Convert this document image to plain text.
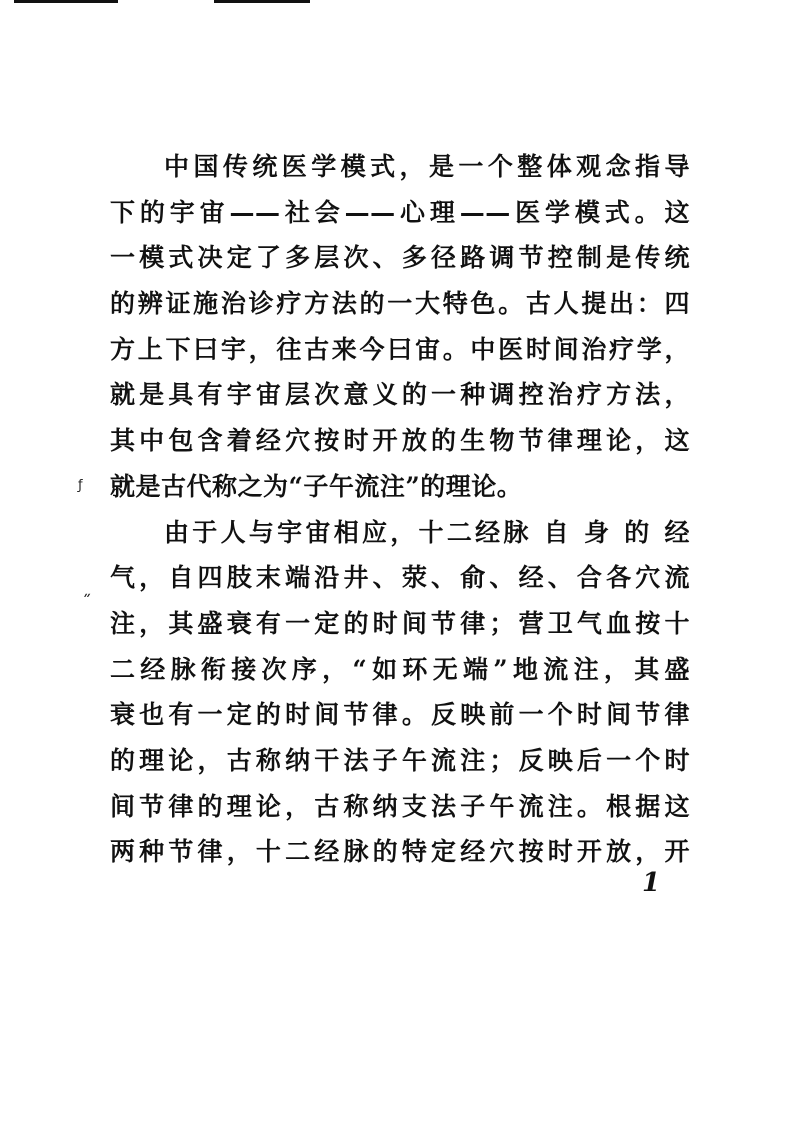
中国传统医学模式，是一个整体观念指导
下的宇宙——社会——心理——医学模式。这
一模式决定了多层次、多径路调节控制是传统
的辨证施治诊疗方法的一大特色。古人提出：四
方上下曰宇，往古来今曰宙。中医时间治疗学，
就是具有宇宙层次意义的一种调控治疗方法，
其中包含着经穴按时开放的生物节律理论，这
就是古代称之为“子午流注”的理论。
由于人与宇宙相应，十二经脉 自 身 的 经
气，自四肢末端沿井、荥、俞、经、合各穴流
注，其盛衰有一定的时间节律；营卫气血按十
二经脉衔接次序，“如环无端”地流注，其盛
衰也有一定的时间节律。反映前一个时间节律
的理论，古称纳干法子午流注；反映后一个时
间节律的理论，古称纳支法子午流注。根据这
两种节律，十二经脉的特定经穴按时开放，开
ƒ
˝
1
